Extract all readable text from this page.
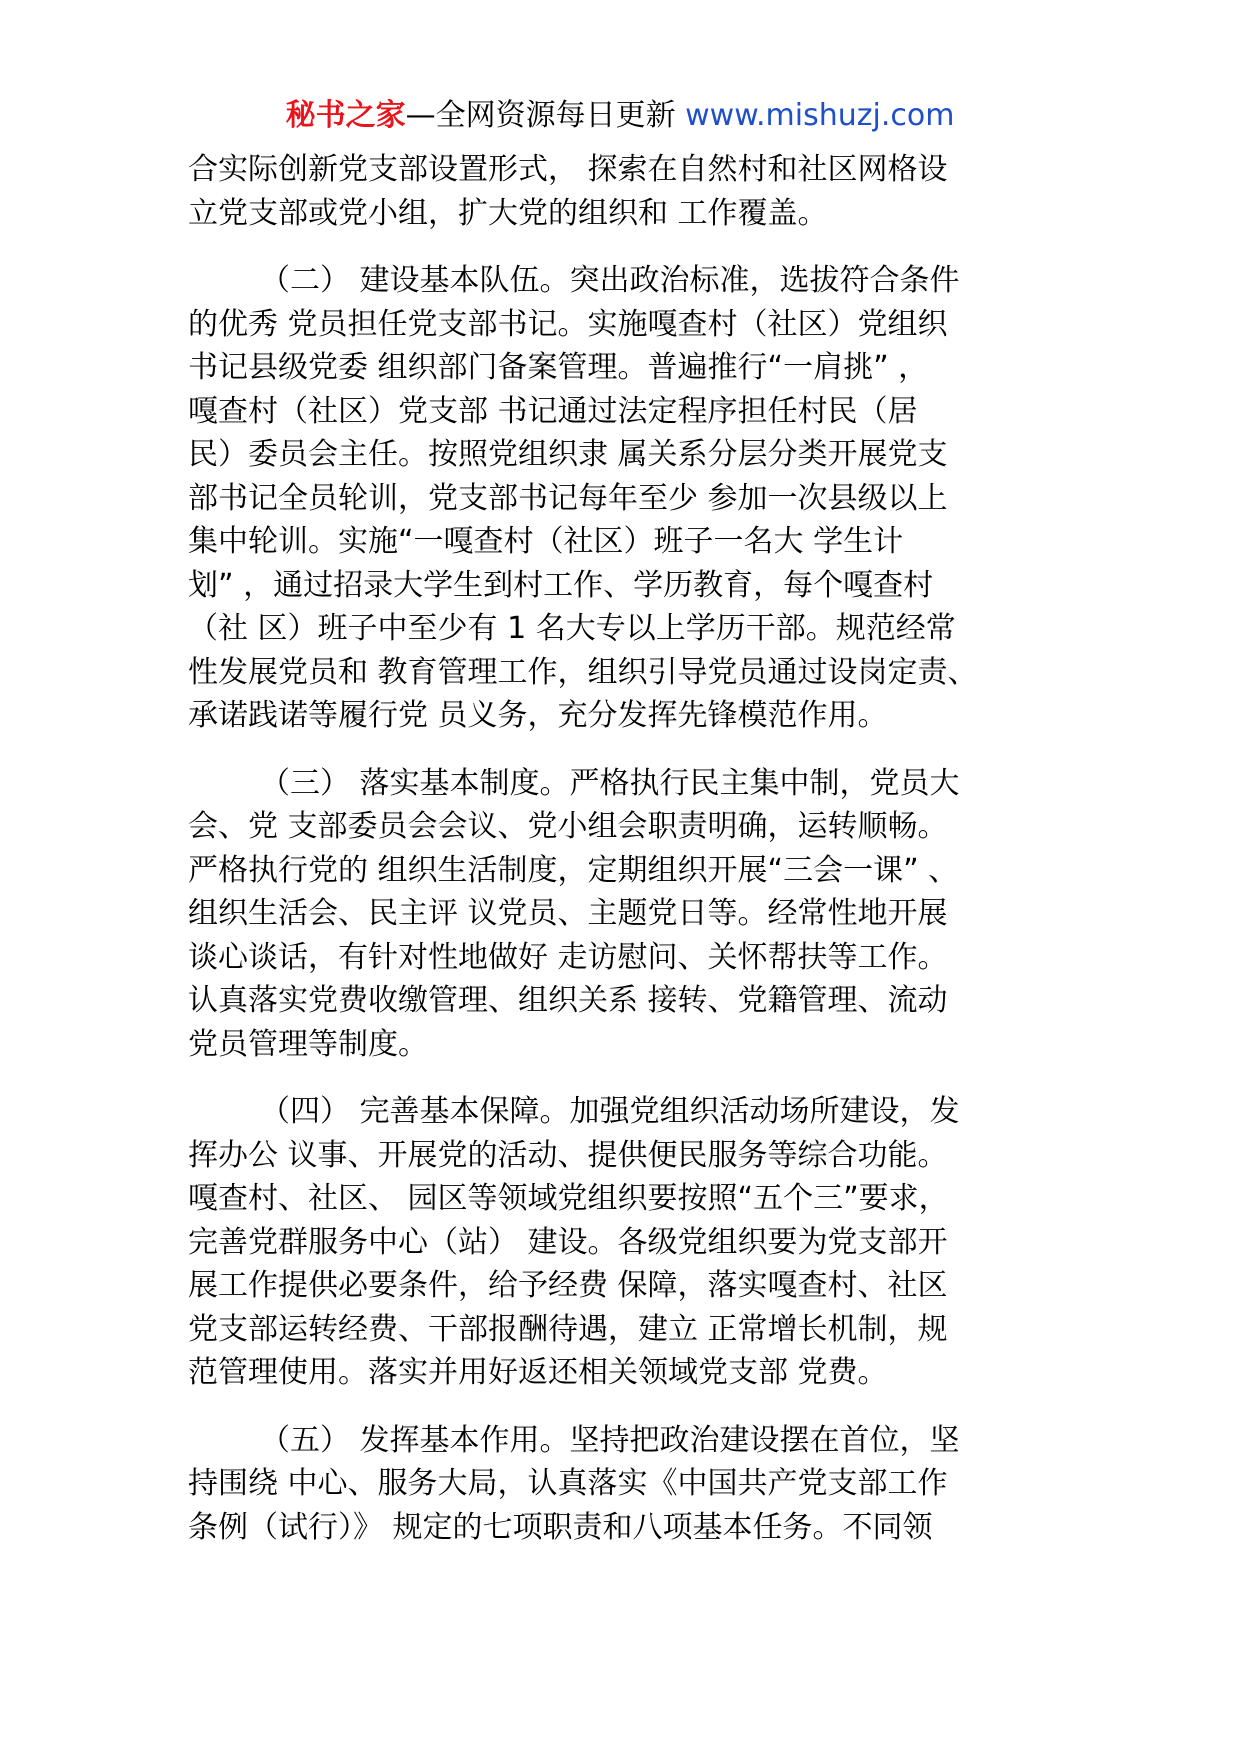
秘书之家—全网资源每日更新 www.mishuzj.com
合实际创新党支部设置形式， 探索在自然村和社区网格设
立党支部或党小组，扩大党的组织和 工作覆盖。
（二） 建设基本队伍。突出政治标准，选拔符合条件
的优秀 党员担任党支部书记。实施嘎查村（社区）党组织
书记县级党委 组织部门备案管理。普遍推行“一肩挑” ，
嘎查村（社区）党支部 书记通过法定程序担任村民（居
民）委员会主任。按照党组织隶 属关系分层分类开展党支
部书记全员轮训，党支部书记每年至少 参加一次县级以上
集中轮训。实施“一嘎查村（社区）班子一名大 学生计
划” ，通过招录大学生到村工作、学历教育，每个嘎查村
（社 区）班子中至少有 1 名大专以上学历干部。规范经常
性发展党员和 教育管理工作，组织引导党员通过设岗定责、
承诺践诺等履行党 员义务，充分发挥先锋模范作用。
（三） 落实基本制度。严格执行民主集中制，党员大
会、党 支部委员会会议、党小组会职责明确，运转顺畅。
严格执行党的 组织生活制度，定期组织开展“三会一课” 、
组织生活会、民主评 议党员、主题党日等。经常性地开展
谈心谈话，有针对性地做好 走访慰问、关怀帮扶等工作。
认真落实党费收缴管理、组织关系 接转、党籍管理、流动
党员管理等制度。
（四） 完善基本保障。加强党组织活动场所建设，发
挥办公 议事、开展党的活动、提供便民服务等综合功能。
嘎查村、社区、 园区等领域党组织要按照“五个三”要求，
完善党群服务中心（站） 建设。各级党组织要为党支部开
展工作提供必要条件，给予经费 保障，落实嘎查村、社区
党支部运转经费、干部报酬待遇，建立 正常增长机制，规
范管理使用。落实并用好返还相关领域党支部 党费。
（五） 发挥基本作用。坚持把政治建设摆在首位，坚
持围绕 中心、服务大局，认真落实《中国共产党支部工作
条例（试行）》 规定的七项职责和八项基本任务。不同领
